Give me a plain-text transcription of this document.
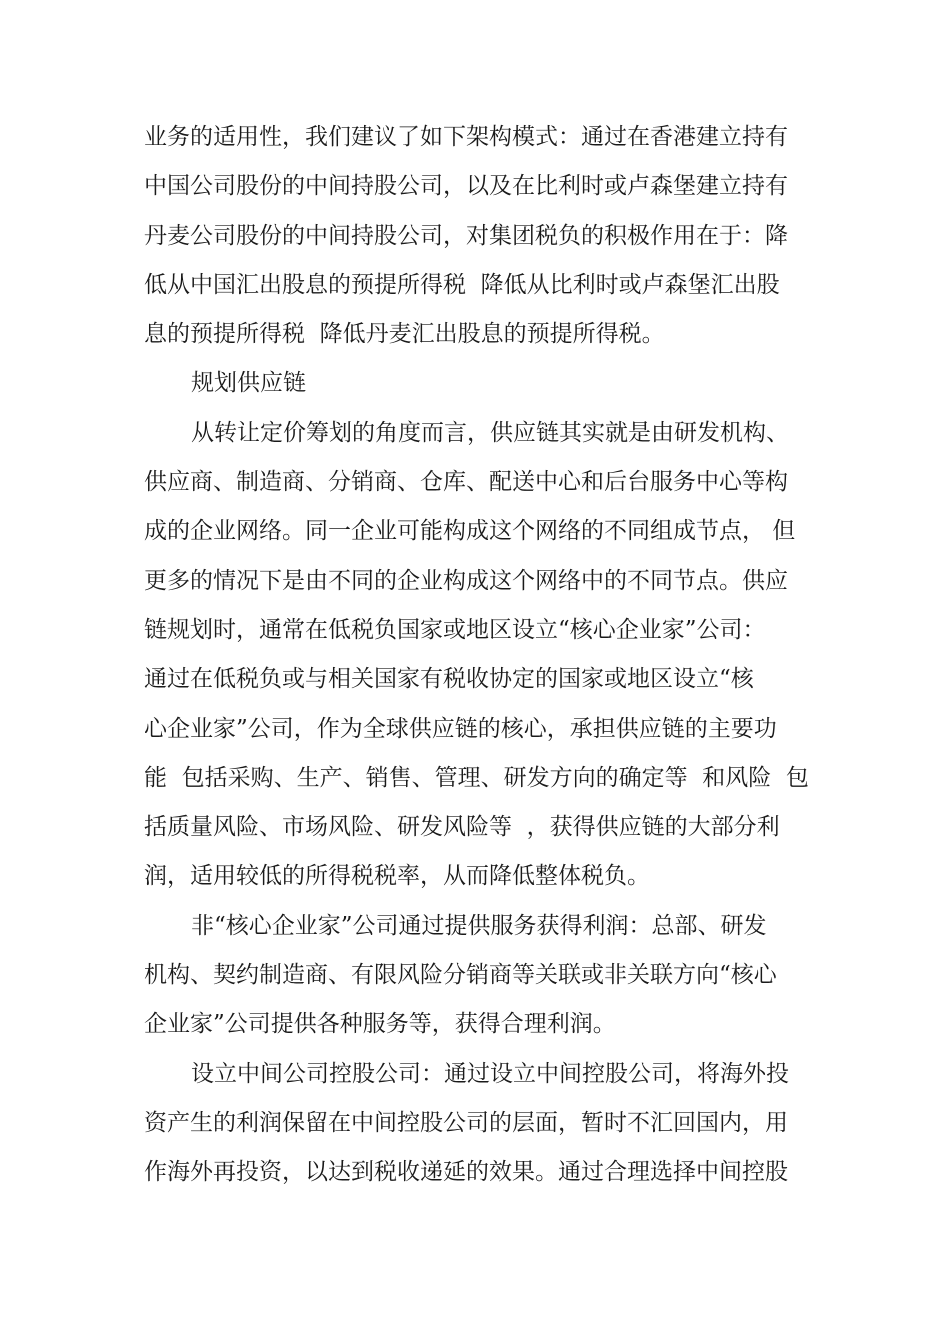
业务的适用性，我们建议了如下架构模式：通过在香港建立持有
中国公司股份的中间持股公司，以及在比利时或卢森堡建立持有
丹麦公司股份的中间持股公司，对集团税负的积极作用在于：降
低从中国汇出股息的预提所得税  降低从比利时或卢森堡汇出股
息的预提所得税  降低丹麦汇出股息的预提所得税。
规划供应链
从转让定价筹划的角度而言，供应链其实就是由研发机构、
供应商、制造商、分销商、仓库、配送中心和后台服务中心等构
成的企业网络。同一企业可能构成这个网络的不同组成节点， 但
更多的情况下是由不同的企业构成这个网络中的不同节点。供应
链规划时，通常在低税负国家或地区设立“核心企业家”公司：
通过在低税负或与相关国家有税收协定的国家或地区设立“核
心企业家”公司，作为全球供应链的核心，承担供应链的主要功
能  包括采购、生产、销售、管理、研发方向的确定等  和风险  包
括质量风险、市场风险、研发风险等  ，获得供应链的大部分利
润，适用较低的所得税税率，从而降低整体税负。
非“核心企业家”公司通过提供服务获得利润：总部、研发
机构、契约制造商、有限风险分销商等关联或非关联方向“核心
企业家”公司提供各种服务等，获得合理利润。
设立中间公司控股公司：通过设立中间控股公司，将海外投
资产生的利润保留在中间控股公司的层面，暂时不汇回国内，用
作海外再投资，以达到税收递延的效果。通过合理选择中间控股
